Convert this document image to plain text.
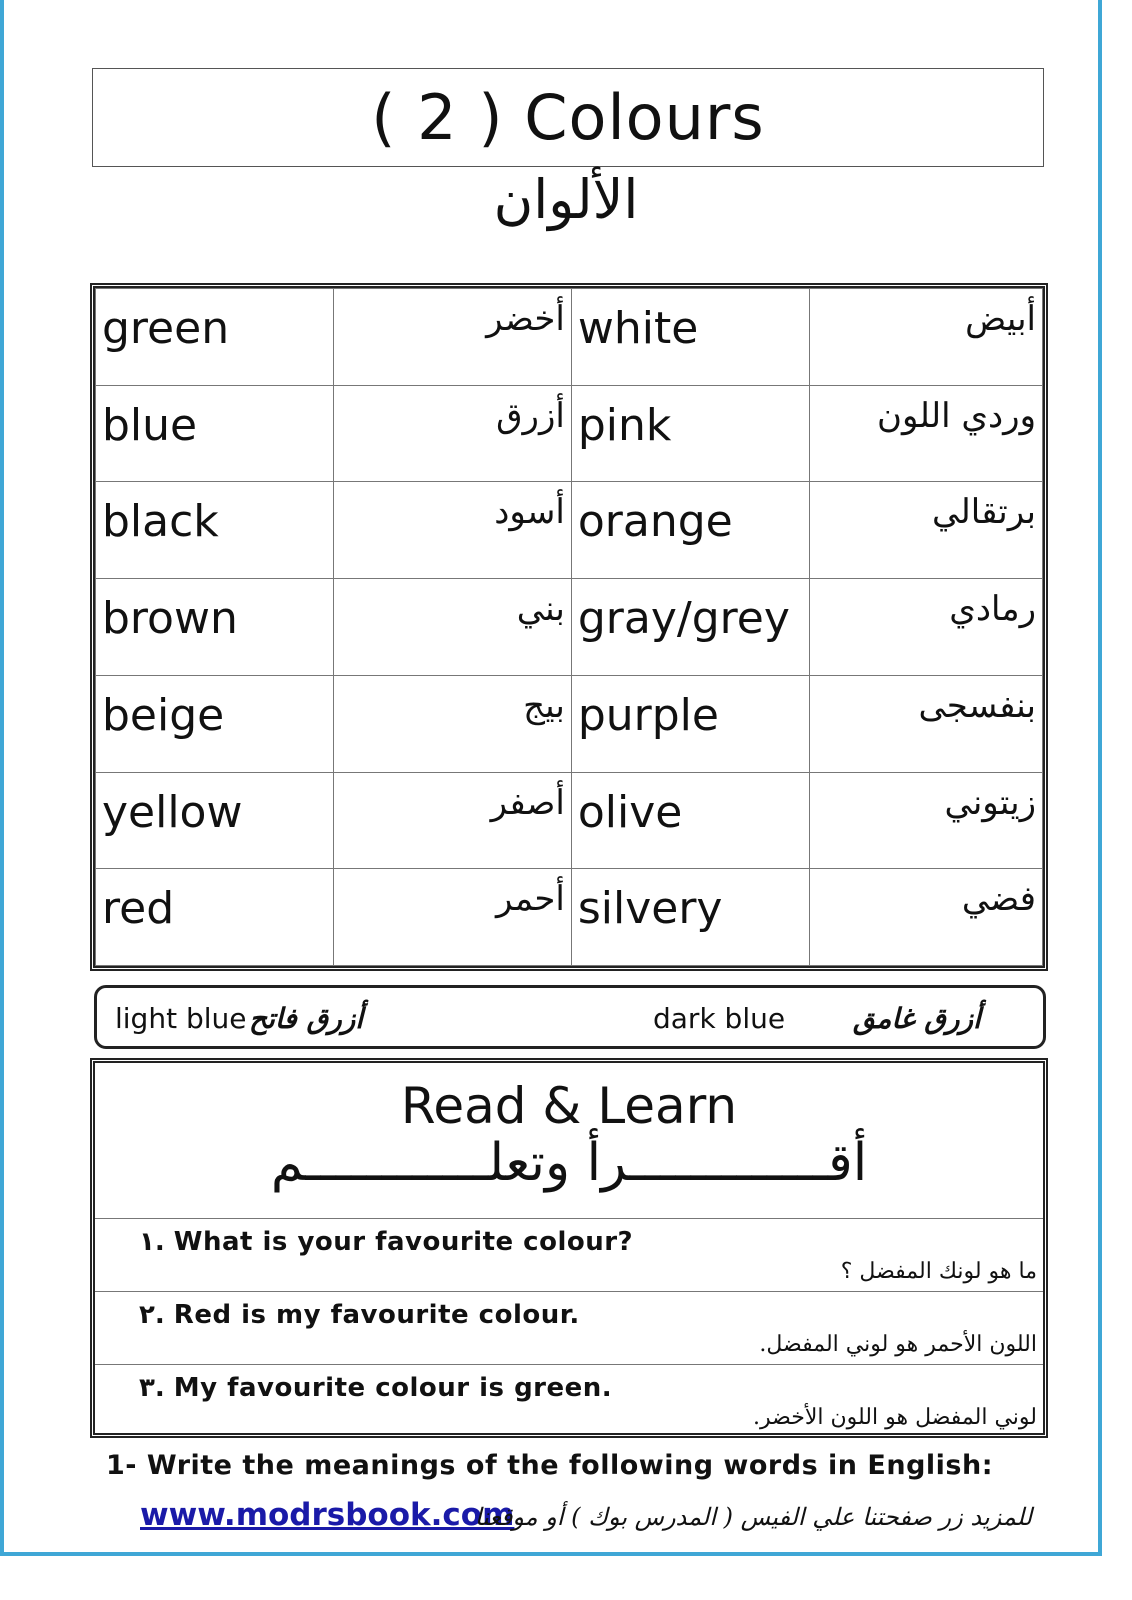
( 2 ) Colours
الألوان
green	أخضر	white	أبيض
blue	أزرق	pink	وردي اللون
black	أسود	orange	برتقالي
brown	بني	gray/grey	رمادي
beige	بيج	purple	بنفسجى
yellow	أصفر	olive	زيتوني
red	أحمر	silvery	فضي
light blue أزرق فاتح	dark blue أزرق غامق
Read & Learn
أقـــــــــــــرأ وتعلــــــــــــم
١. What is your favourite colour?
ما هو لونك المفضل ؟
٢. Red is my favourite colour.
اللون الأحمر هو لوني المفضل.
٣. My favourite colour is green.
لوني المفضل هو اللون الأخضر.
1- Write the meanings of the following words in English:
www.modrsbook.com
للمزيد زر صفحتنا علي الفيس ( المدرس بوك ) أو موقعنا
